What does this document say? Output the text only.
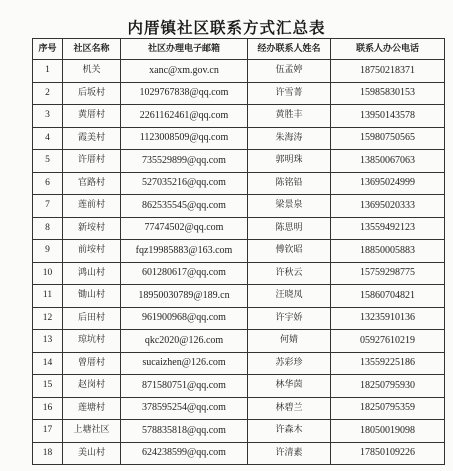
内厝镇社区联系方式汇总表
序号	社区名称	社区办理电子邮箱	经办联系人姓名	联系人办公电话
1	机关	xanc@xm.gov.cn	伍孟婷	18750218371
2	后坂村	1029767838@qq.com	许雪菁	15985830153
3	黄厝村	2261162461@qq.com	黄胜丰	13950143578
4	霞美村	1123008509@qq.com	朱海涛	15980750565
5	许厝村	735529899@qq.com	郭明珠	13850067063
6	官路村	527035216@qq.com	陈铭铅	13695024999
7	莲前村	862535545@qq.com	梁景泉	13695020333
8	新垵村	77474502@qq.com	陈思明	13559492123
9	前垵村	fqz19985883@163.com	傅钦昭	18850005883
10	鸿山村	601280617@qq.com	许秋云	15759298775
11	锄山村	18950030789@189.cn	汪晓凤	15860704821
12	后田村	961900968@qq.com	许宇娇	13235910136
13	琼坑村	qkc2020@126.com	何婧	05927610219
14	曾厝村	sucaizhen@126.com	苏彩珍	13559225186
15	赵岗村	871580751@qq.com	林华茵	18250795930
16	莲塘村	378595254@qq.com	林碧兰	18250795359
17	上塘社区	578835818@qq.com	许森木	18050019098
18	美山村	624238599@qq.com	许清素	17850109226
